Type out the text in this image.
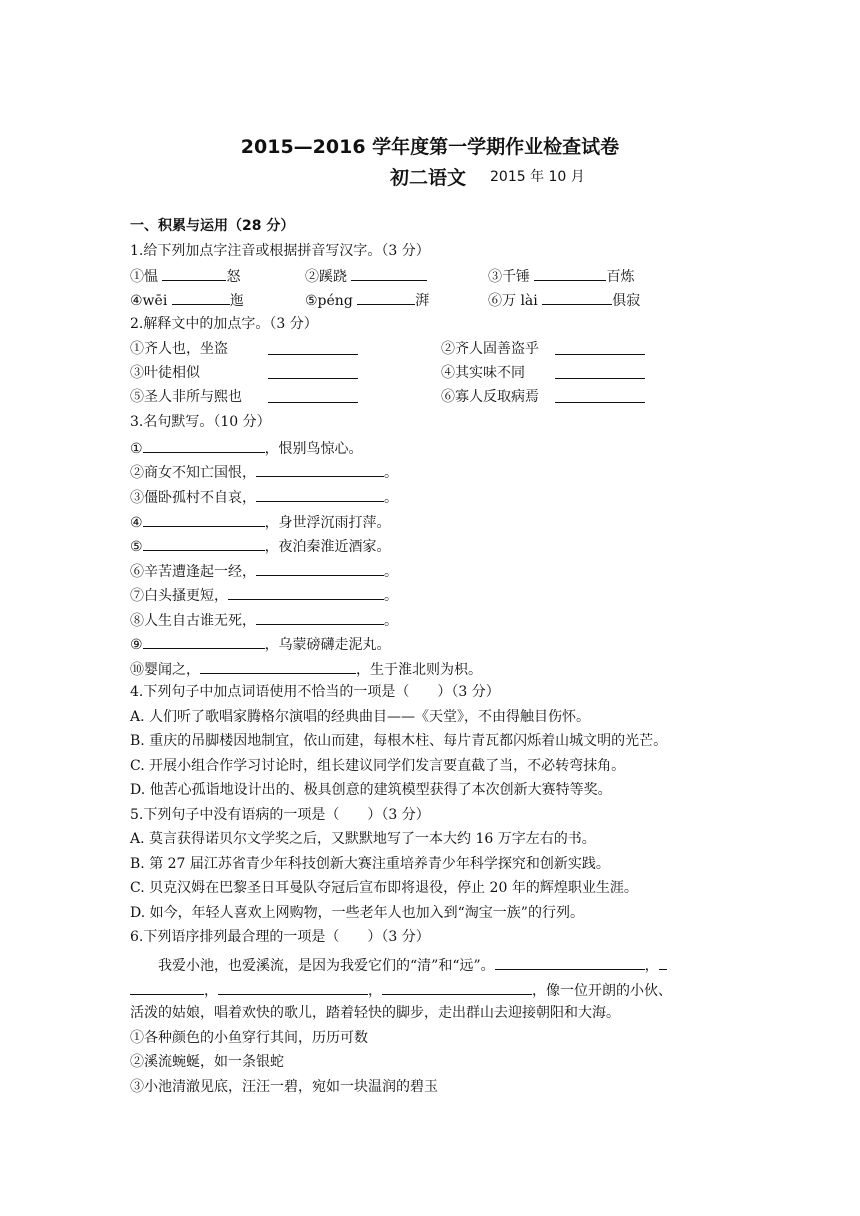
2015—2016 学年度第一学期作业检查试卷
初二语文 2015 年 10 月
一、积累与运用（28 分）
1.给下列加点字注音或根据拼音写汉字。（3 分）
①愠	怒	②蹊跷	③千锤	百炼
④wēi	迤	⑤péng	湃	⑥万 lài	俱寂
2.解释文中的加点字。（3 分）
①齐人也，坐盗	②齐人固善盗乎
③叶徒相似	④其实味不同
⑤圣人非所与熙也	⑥寡人反取病焉
3.名句默写。（10 分）
①	，恨别鸟惊心。
②商女不知亡国恨，	。
③僵卧孤村不自哀，	。
④	，身世浮沉雨打萍。
⑤	，夜泊秦淮近酒家。
⑥辛苦遭逢起一经，	。
⑦白头搔更短，	。
⑧人生自古谁无死，	。
⑨	，乌蒙磅礴走泥丸。
⑩婴闻之，	，生于淮北则为枳。
4.下列句子中加点词语使用不恰当的一项是（　　）（3 分）
A. 人们听了歌唱家腾格尔演唱的经典曲目——《天堂》，不由得触目伤怀。
B. 重庆的吊脚楼因地制宜，依山而建，每根木柱、每片青瓦都闪烁着山城文明的光芒。
C. 开展小组合作学习讨论时，组长建议同学们发言要直截了当，不必转弯抹角。
D. 他苦心孤诣地设计出的、极具创意的建筑模型获得了本次创新大赛特等奖。
5.下列句子中没有语病的一项是（　　）（3 分）
A. 莫言获得诺贝尔文学奖之后，又默默地写了一本大约 16 万字左右的书。
B. 第 27 届江苏省青少年科技创新大赛注重培养青少年科学探究和创新实践。
C. 贝克汉姆在巴黎圣日耳曼队夺冠后宣布即将退役，停止 20 年的辉煌职业生涯。
D. 如今，年轻人喜欢上网购物，一些老年人也加入到“淘宝一族”的行列。
6.下列语序排列最合理的一项是（　　）（3 分）
我爱小池，也爱溪流，是因为我爱它们的“清”和“远”。	，
，	，	，像一位开朗的小伙、
活泼的姑娘，唱着欢快的歌儿，踏着轻快的脚步，走出群山去迎接朝阳和大海。
①各种颜色的小鱼穿行其间，历历可数
②溪流蜿蜒，如一条银蛇
③小池清澈见底，汪汪一碧，宛如一块温润的碧玉
